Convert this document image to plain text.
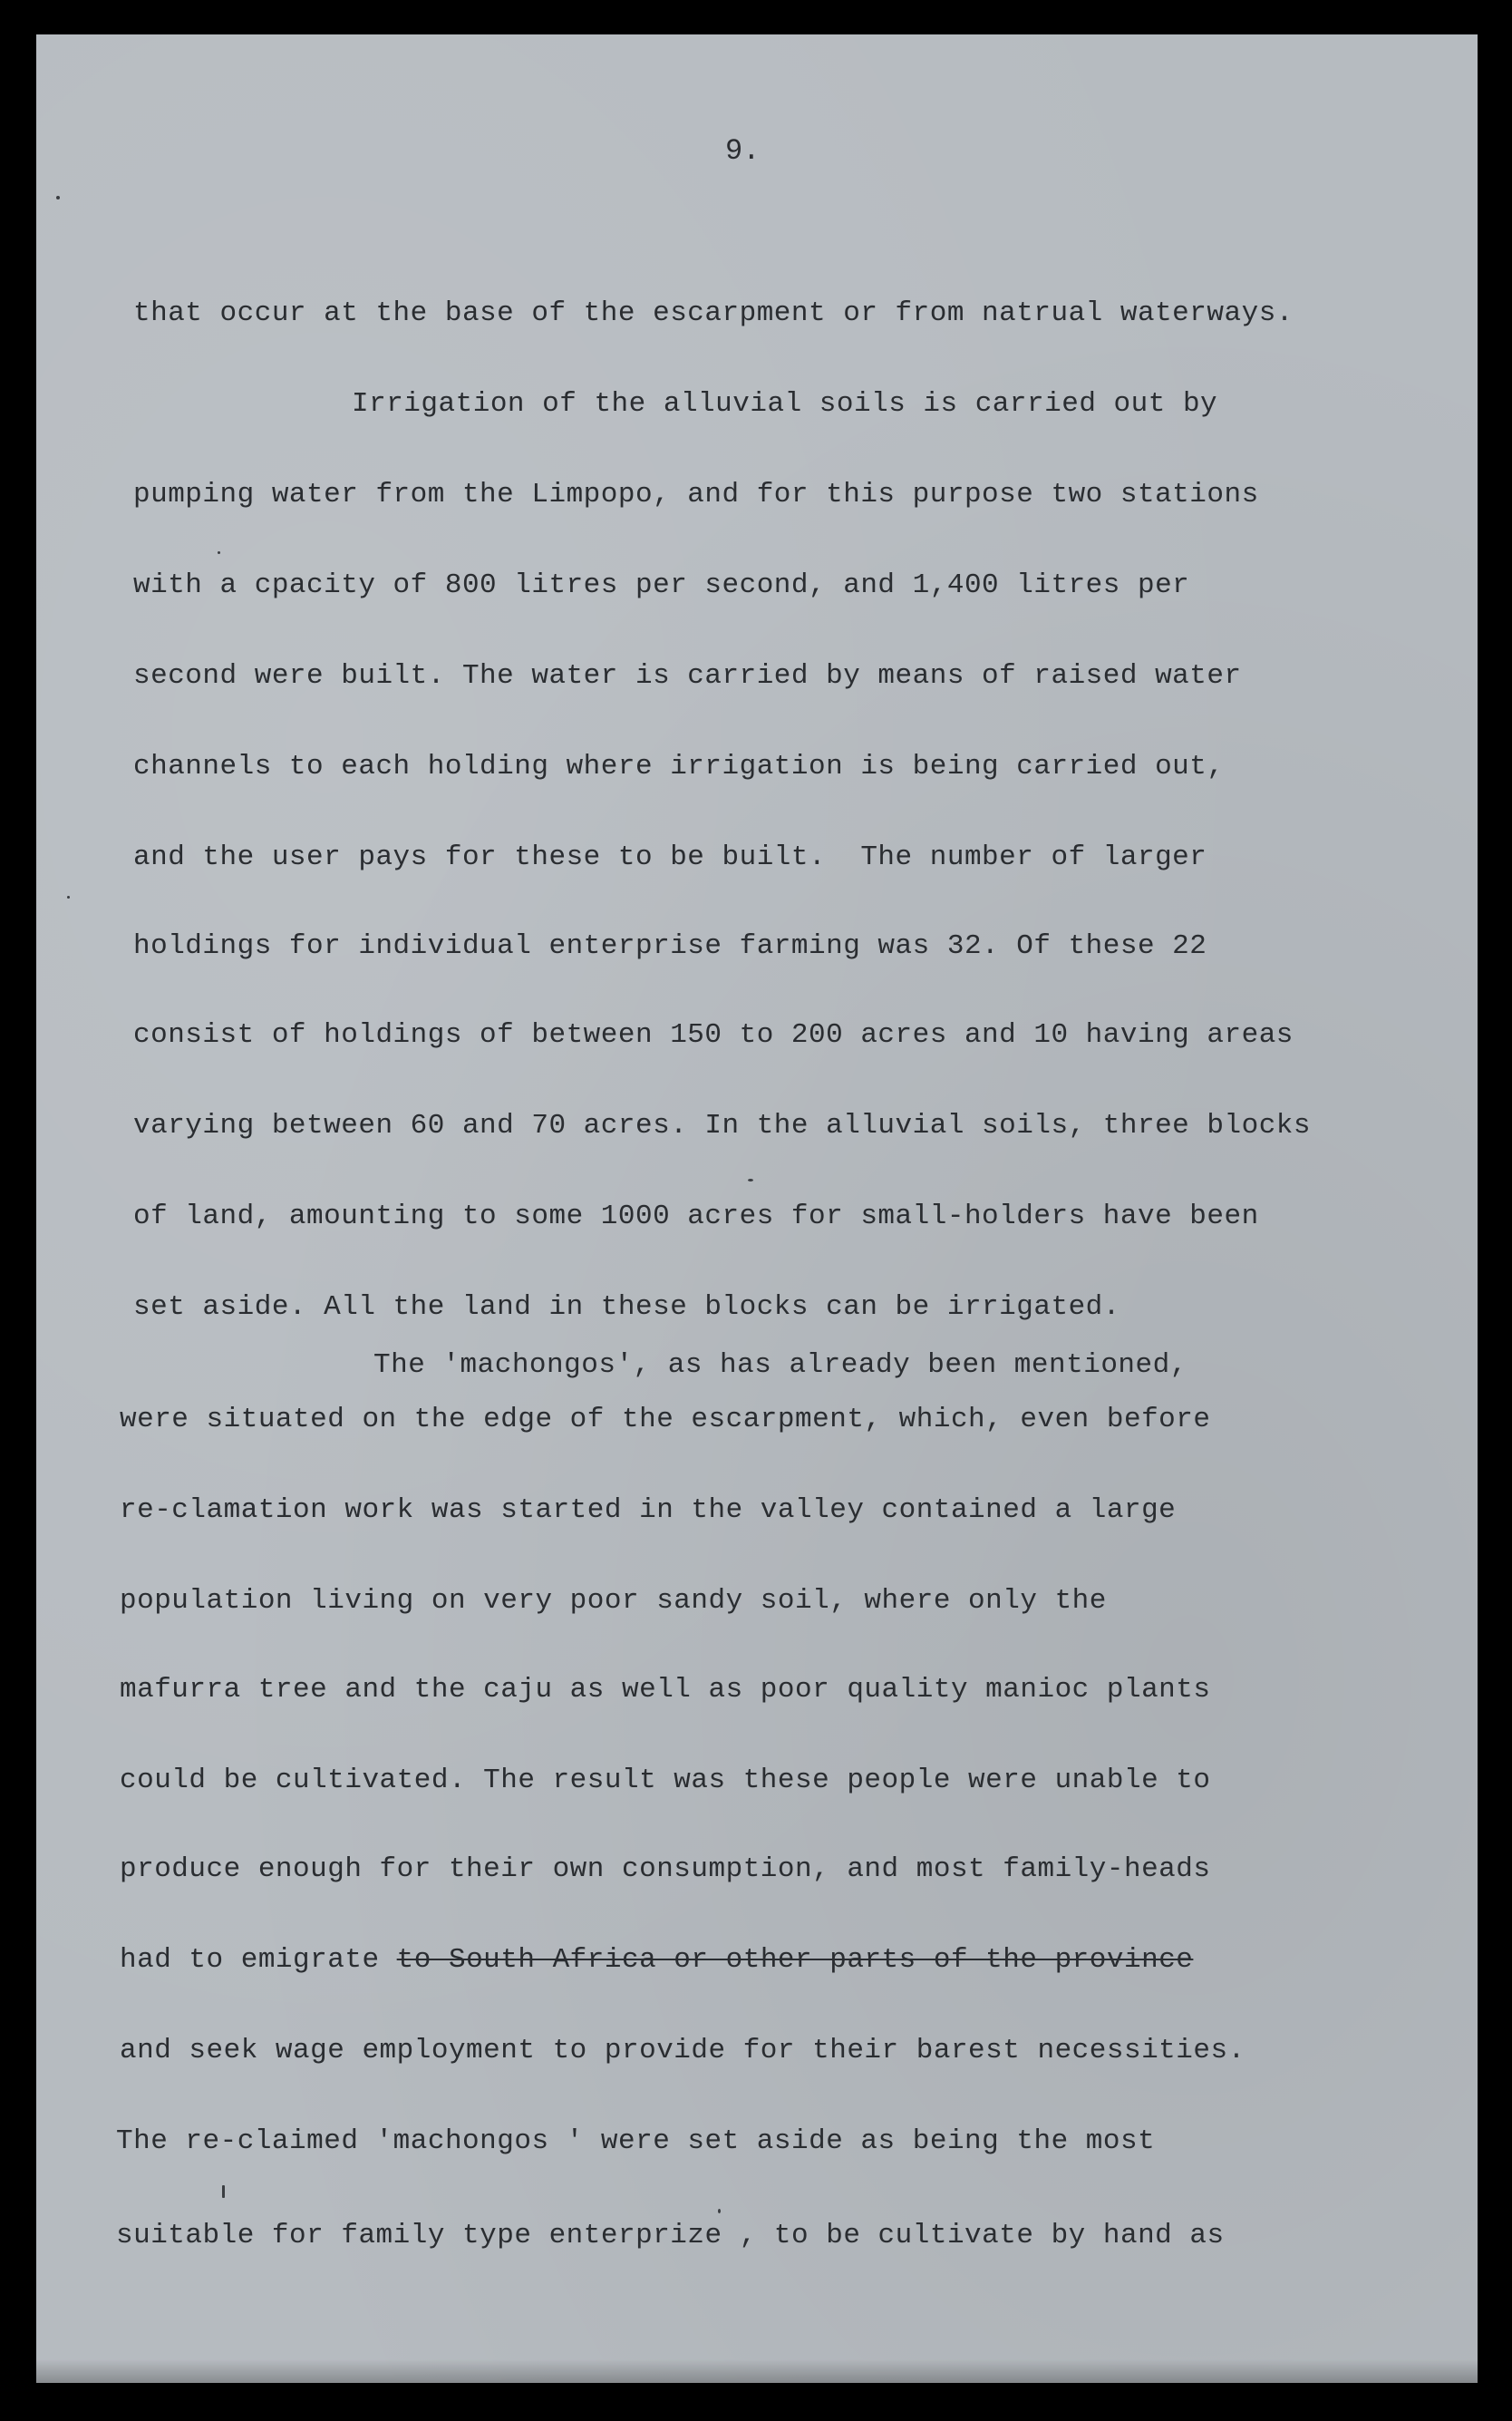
9.
that occur at the base of the escarpment or from natrual waterways.
Irrigation of the alluvial soils is carried out by
pumping water from the Limpopo, and for this purpose two stations
with a cpacity of 800 litres per second, and 1,400 litres per
second were built. The water is carried by means of raised water
channels to each holding where irrigation is being carried out,
and the user pays for these to be built.  The number of larger
holdings for individual enterprise farming was 32. Of these 22
consist of holdings of between 150 to 200 acres and 10 having areas
varying between 60 and 70 acres. In the alluvial soils, three blocks
of land, amounting to some 1000 acres for small-holders have been
set aside. All the land in these blocks can be irrigated.
The 'machongos', as has already been mentioned,
were situated on the edge of the escarpment, which, even before
re-clamation work was started in the valley contained a large
population living on very poor sandy soil, where only the
mafurra tree and the caju as well as poor quality manioc plants
could be cultivated. The result was these people were unable to
produce enough for their own consumption, and most family-heads
had to emigrate to South Africa or other parts of the province
and seek wage employment to provide for their barest necessities.
The re-claimed 'machongos ' were set aside as being the most
suitable for family type enterprize , to be cultivate by hand as
